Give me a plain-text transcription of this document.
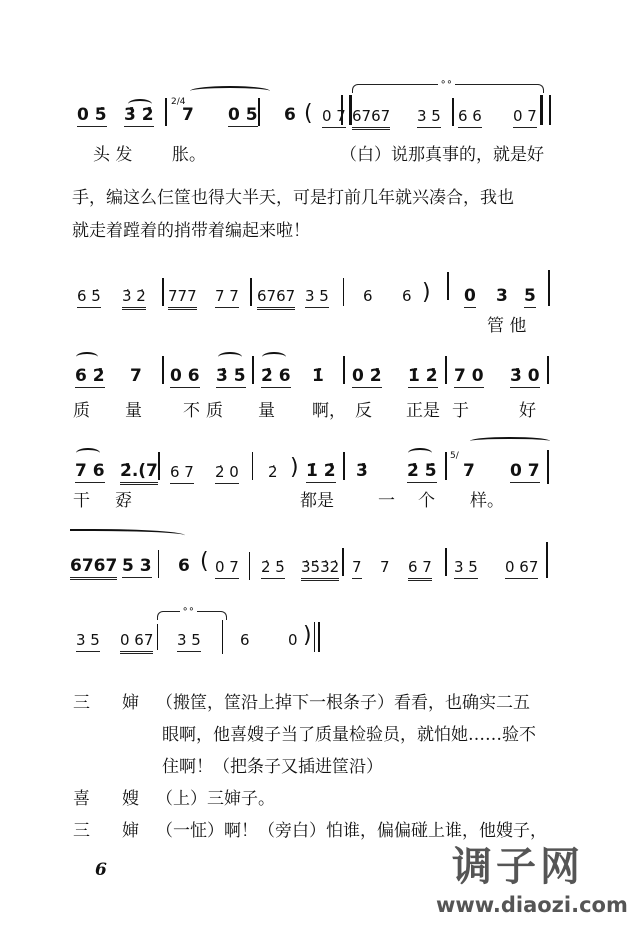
0 5̇ 3̇ 2̇
2/4
7 0 5 6 ( 0 7
∘∘
6767 3 5 6 6 0 7
头 发 胀。	（白）说那真事的，就是好
手，编这么仨筐也得大半天，可是打前几年就兴凑合，我也
就走着蹚着的捎带着编起来啦！
6 5̇ 3̇ 2̇ 777 7 7 6767 3 5 6 6 ) 0 3 5
管 他
6 2̇ 7 0 6 3̇ 5̇ 2̇ 6 1̇ 0 2̇ 1̇ 2̇ 7 0 3̇ 0
质 量 不 质 量 啊， 反 正是 于	好
7 6 2̇.(7 6 7 2̇ 0 2̇ ) 1̇ 2̇ 3̇ 2̇ 5̇
5/
7 0 7
干 孬	都是	一 个 样。
6767 5 3 6 ( 0 7 2̇ 5̇ 3̇5̇3̇2̇ 7 7 6 7 3 5 0 67
3 5 0 67
∘∘
3 5	6	0 )
三 婶 （搬筐，筐沿上掉下一根条子）看看，也确实二五
眼啊，他喜嫂子当了质量检验员，就怕她……验不
住啊！（把条子又插进筐沿）
喜 嫂 （上）三婶子。
三 婶 （一怔）啊！（旁白）怕谁，偏偏碰上谁，他嫂子，
6	调子网
www.diaozi.com
